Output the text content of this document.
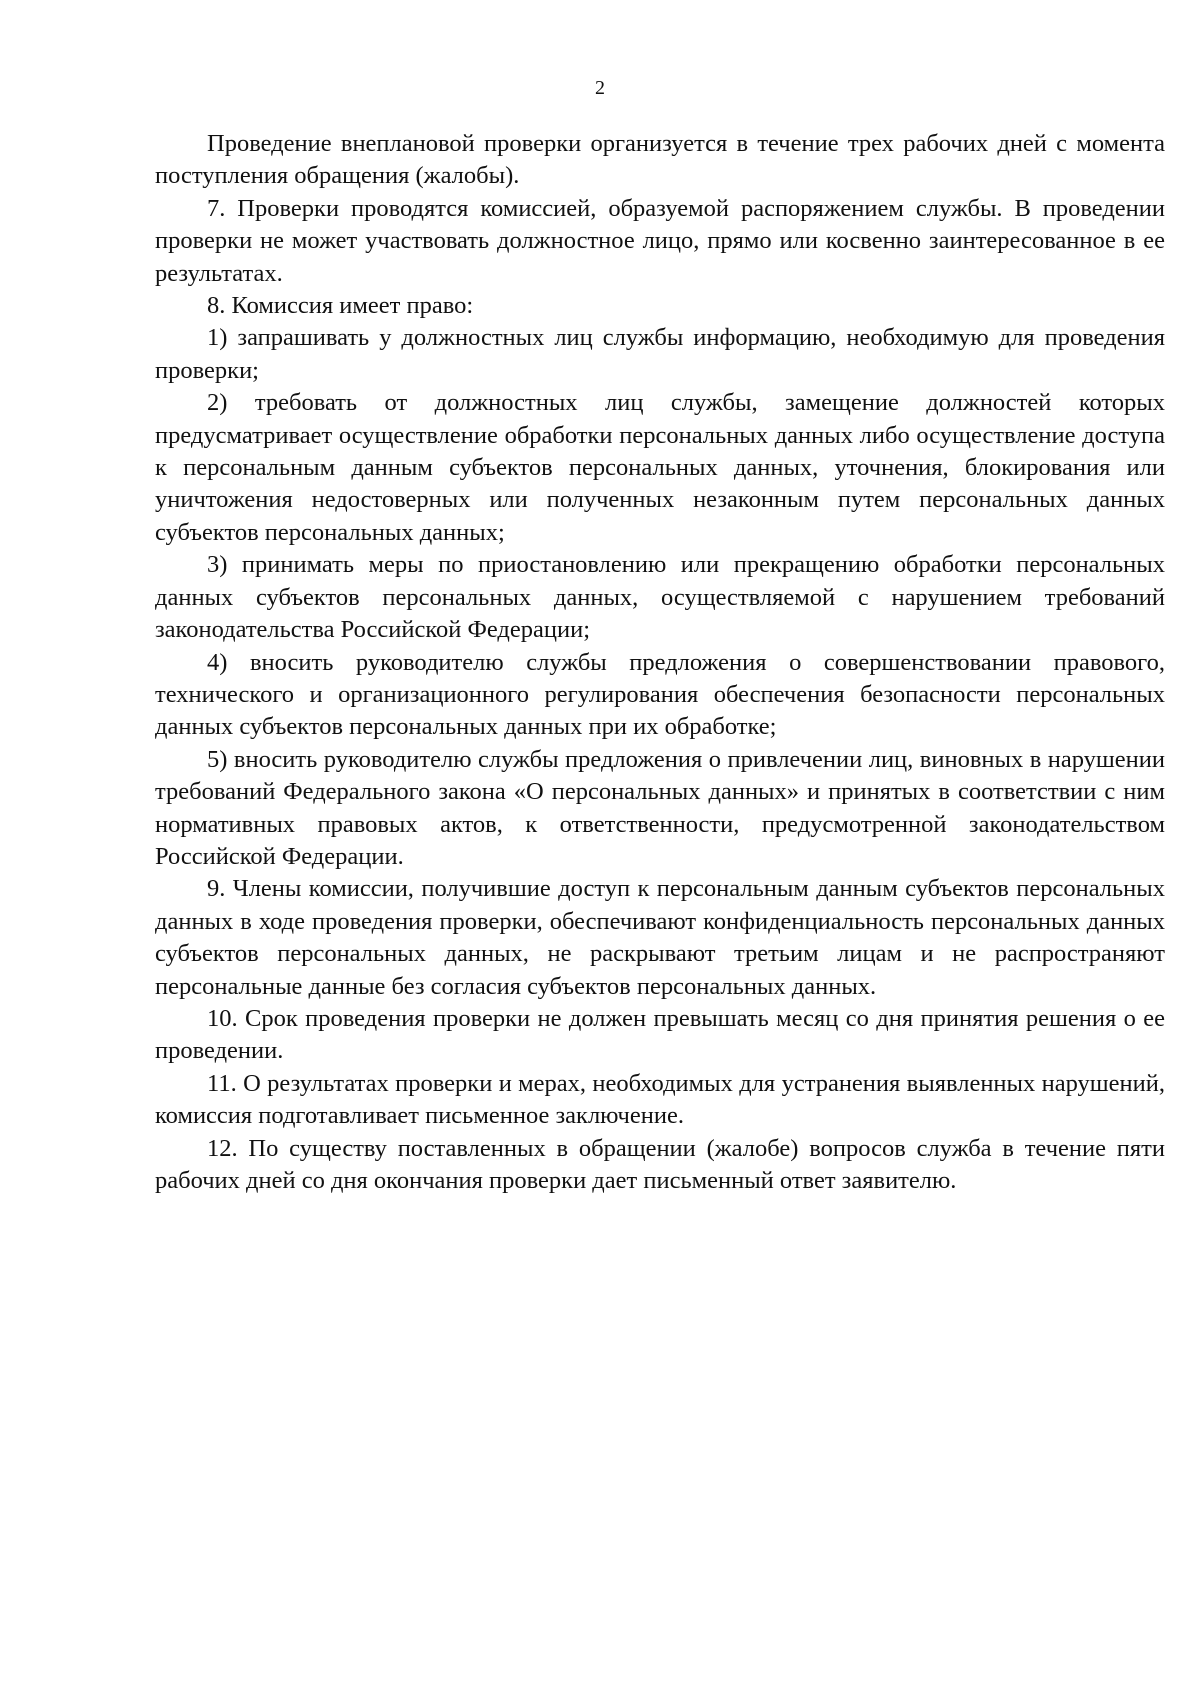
2

Проведение внеплановой проверки организуется в течение трех рабочих дней с момента поступления обращения (жалобы).

7. Проверки проводятся комиссией, образуемой распоряжением службы. В проведении проверки не может участвовать должностное лицо, прямо или косвенно заинтересованное в ее результатах.

8. Комиссия имеет право:

1) запрашивать у должностных лиц службы информацию, необходимую для проведения проверки;

2) требовать от должностных лиц службы, замещение должностей которых предусматривает осуществление обработки персональных данных либо осуществление доступа к персональным данным субъектов персональных данных, уточнения, блокирования или уничтожения недостоверных или полученных незаконным путем персональных данных субъектов персональных данных;

3) принимать меры по приостановлению или прекращению обработки персональных данных субъектов персональных данных, осуществляемой с нарушением требований законодательства Российской Федерации;

4) вносить руководителю службы предложения о совершенствовании правового, технического и организационного регулирования обеспечения безопасности персональных данных субъектов персональных данных при их обработке;

5) вносить руководителю службы предложения о привлечении лиц, виновных в нарушении требований Федерального закона «О персональных данных» и принятых в соответствии с ним нормативных правовых актов, к ответственности, предусмотренной законодательством Российской Федерации.

9. Члены комиссии, получившие доступ к персональным данным субъектов персональных данных в ходе проведения проверки, обеспечивают конфиденциальность персональных данных субъектов персональных данных, не раскрывают третьим лицам и не распространяют персональные данные без согласия субъектов персональных данных.

10. Срок проведения проверки не должен превышать месяц со дня принятия решения о ее проведении.

11. О результатах проверки и мерах, необходимых для устранения выявленных нарушений, комиссия подготавливает письменное заключение.

12. По существу поставленных в обращении (жалобе) вопросов служба в течение пяти рабочих дней со дня окончания проверки дает письменный ответ заявителю.
